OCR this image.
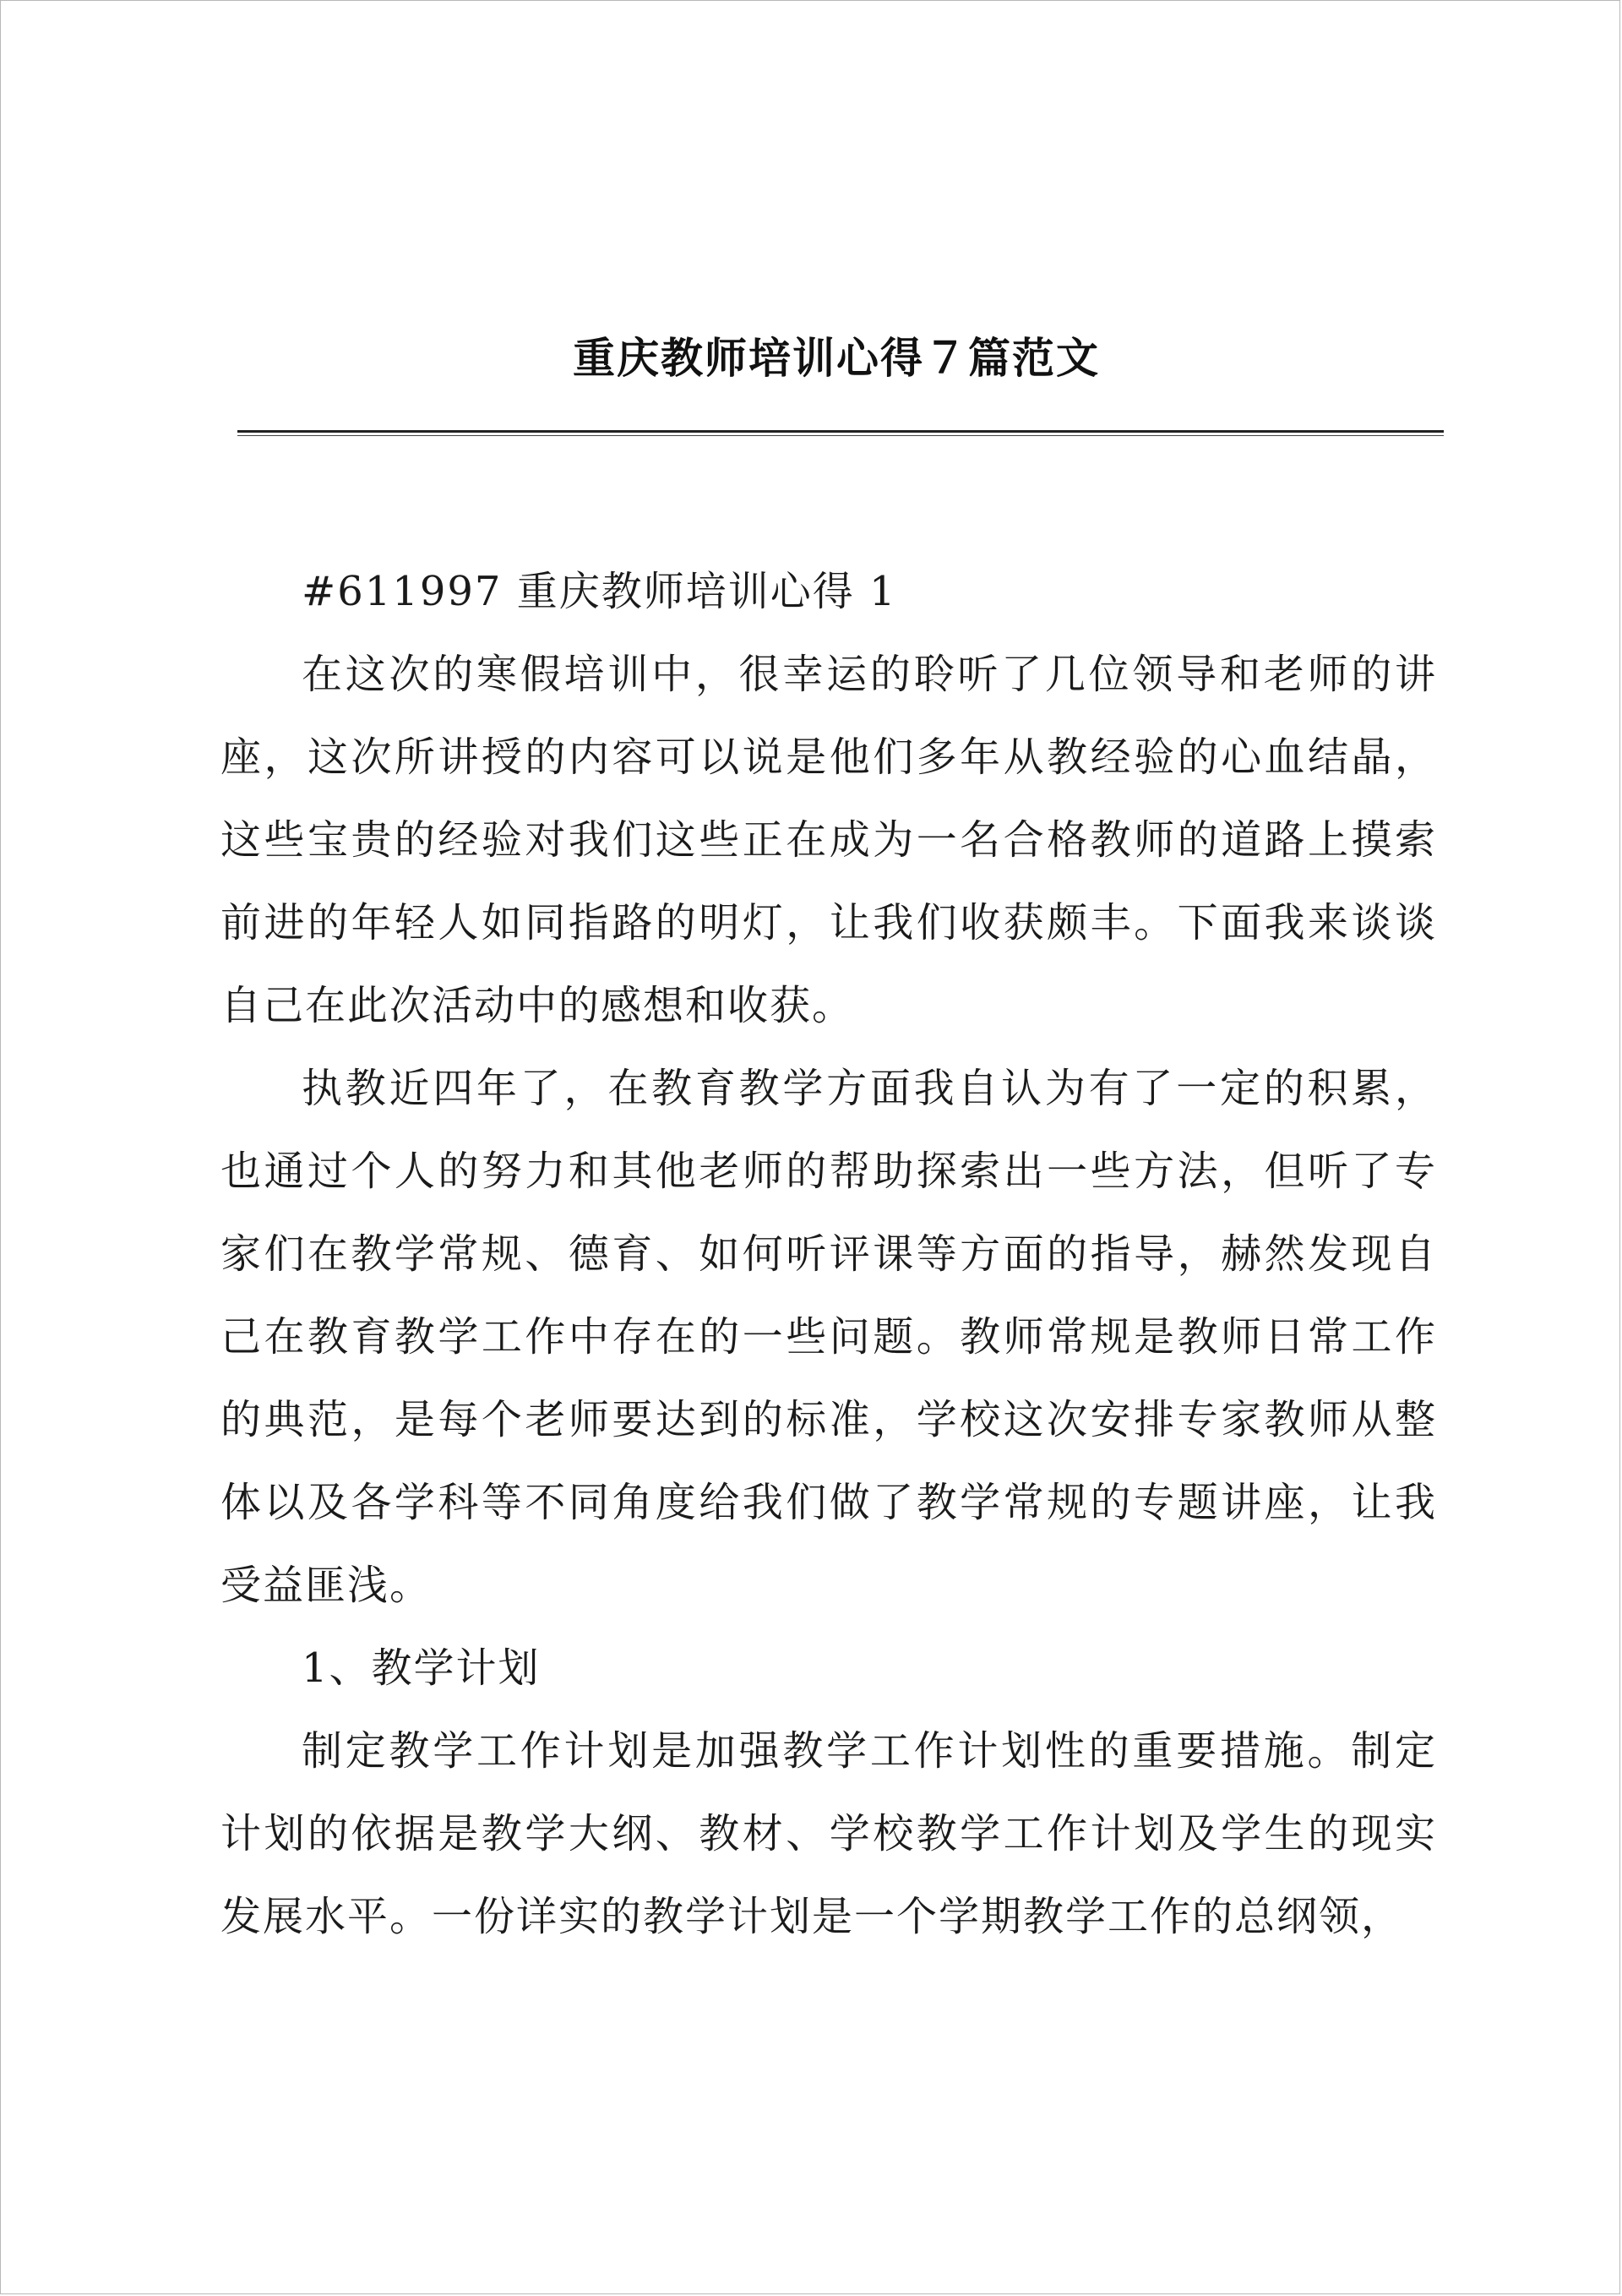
重庆教师培训心得７篇范文

#611997 重庆教师培训心得 1

在这次的寒假培训中，很幸运的聆听了几位领导和老师的讲座，这次所讲授的内容可以说是他们多年从教经验的心血结晶，这些宝贵的经验对我们这些正在成为一名合格教师的道路上摸索前进的年轻人如同指路的明灯，让我们收获颇丰。下面我来谈谈自己在此次活动中的感想和收获。

执教近四年了，在教育教学方面我自认为有了一定的积累，也通过个人的努力和其他老师的帮助探索出一些方法，但听了专家们在教学常规、德育、如何听评课等方面的指导，赫然发现自己在教育教学工作中存在的一些问题。教师常规是教师日常工作的典范，是每个老师要达到的标准，学校这次安排专家教师从整体以及各学科等不同角度给我们做了教学常规的专题讲座，让我受益匪浅。

1、教学计划

制定教学工作计划是加强教学工作计划性的重要措施。制定计划的依据是教学大纲、教材、学校教学工作计划及学生的现实发展水平。一份详实的教学计划是一个学期教学工作的总纲领，
